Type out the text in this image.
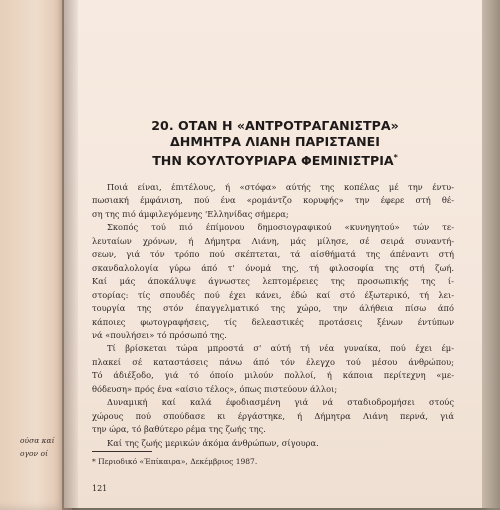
ούσα καί
ογον οί
20. ΟΤΑΝ Η «ΑΝΤΡΟΤΡΑΓΑΝΙΣΤΡΑ»
ΔΗΜΗΤΡΑ ΛΙΑΝΗ ΠΑΡΙΣΤΑΝΕΙ
ΤΗΝ ΚΟΥΛΤΟΥΡΙΑΡΑ ΦΕΜΙΝΙΣΤΡΙΑ*
Ποιά είναι, έπιτέλους, ή «στόφα» αύτής της κοπέλας μέ την έντυ-
πωσιακή έμφάνιση, πού ένα «ρομάντζο κορυφής» την έφερε στή θέ-
ση της πιό άμφιλεγόμενης 'Ελληνίδας σήμερα;
Σκοπός τού πιό έπίμονου δημοσιογραφικού «κυνηγητού» τών τε-
λευταίων χρόνων, ή Δήμητρα Λιάνη, μάς μίλησε, σέ σειρά συναντή-
σεων, γιά τόν τρόπο πού σκέπτεται, τά αίσθήματά της άπέναντι στή
σκανδαλολογία γύρω άπό τ' όνομά της, τή φιλοσοφία της στή ζωή.
Καί μάς άποκάλυψε άγνωστες λεπτομέρειες της προσωπικής της ί-
στορίας: τίς σπουδές πού έχει κάνει, έδώ καί στό έξωτερικό, τή λει-
τουργία της στόν έπαγγελματικό της χώρο, την άλήθεια πίσω άπό
κάποιες φωτογραφήσεις, τίς δελεαστικές προτάσεις ξένων έντύπων
νά «πουλήσει» τό πρόσωπό της.
Τί βρίσκεται τώρα μπροστά σ' αύτή τή νέα γυναίκα, πού έχει έμ-
πλακεί σέ καταστάσεις πάνω άπό τόν έλεγχο τού μέσου άνθρώπου;
Τό άδιέξοδο, γιά τό όποίο μιλούν πολλοί, ή κάποια περίτεχνη «με-
θόδευση» πρός ένα «αίσιο τέλος», όπως πιστεύουν άλλοι;
Δυναμική καί καλά έφοδιασμένη γιά νά σταδιοδρομήσει στούς
χώρους πού σπούδασε κι έργάστηκε, ή Δήμητρα Λιάνη περνά, γιά
την ώρα, τό βαθύτερο ρέμα της ζωής της.
Καί της ζωής μερικών άκόμα άνθρώπων, σίγουρα.
* Περιοδικό «Έπίκαιρα», Δεκέμβριος 1987.
121
